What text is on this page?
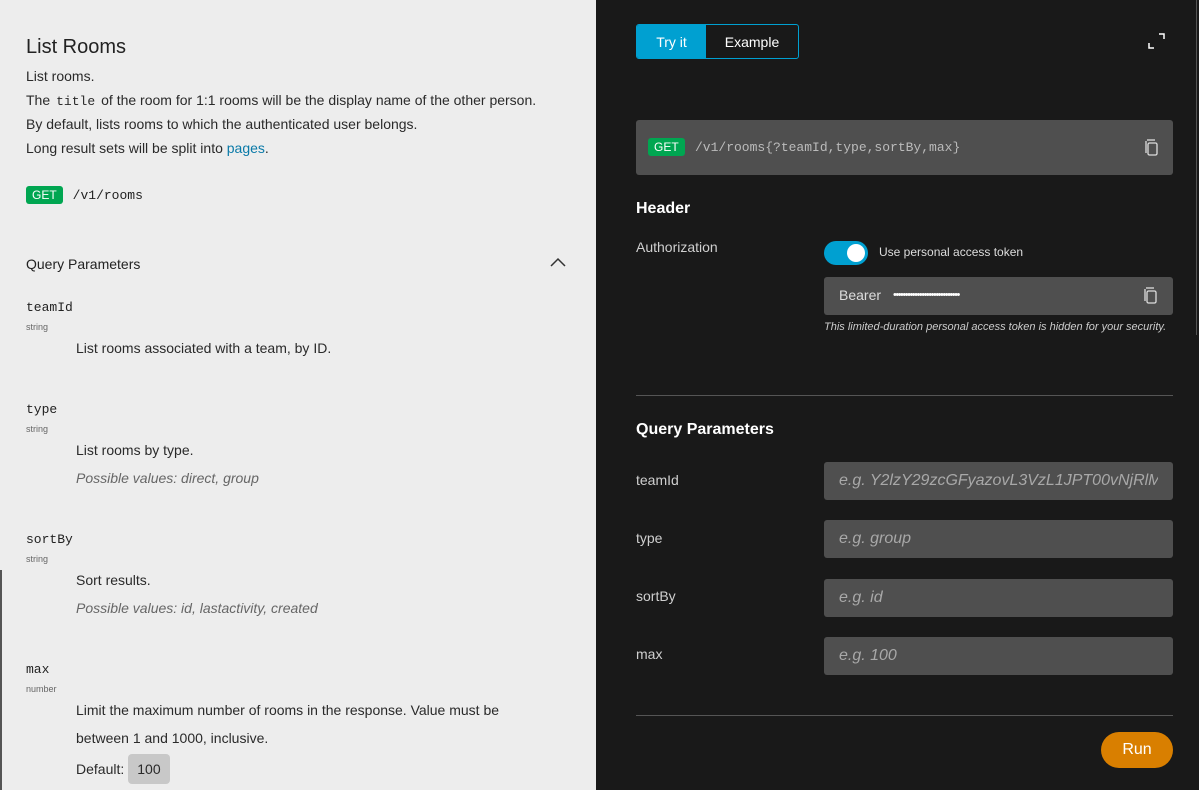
List Rooms
List rooms.
The title of the room for 1:1 rooms will be the display name of the other person.
By default, lists rooms to which the authenticated user belongs.
Long result sets will be split into pages.
GET	/v1/rooms
Query Parameters
teamId
string
List rooms associated with a team, by ID.
type
string
List rooms by type.
Possible values: direct, group
sortBy
string
Sort results.
Possible values: id, lastactivity, created
max
number
Limit the maximum number of rooms in the response. Value must be
between 1 and 1000, inclusive.
Default: 100
Try it	Example
GET	/v1/rooms{?teamId,type,sortBy,max}
Header
Authorization	Use personal access token
Bearer ••••••••••••••••••••••••••••
This limited-duration personal access token is hidden for your security.
Query Parameters
teamId
e.g. Y2lzY29zcGFyazovL3VzL1JPT00vNjRlMDI3
type
e.g. group
sortBy
e.g. id
max
e.g. 100
Run
